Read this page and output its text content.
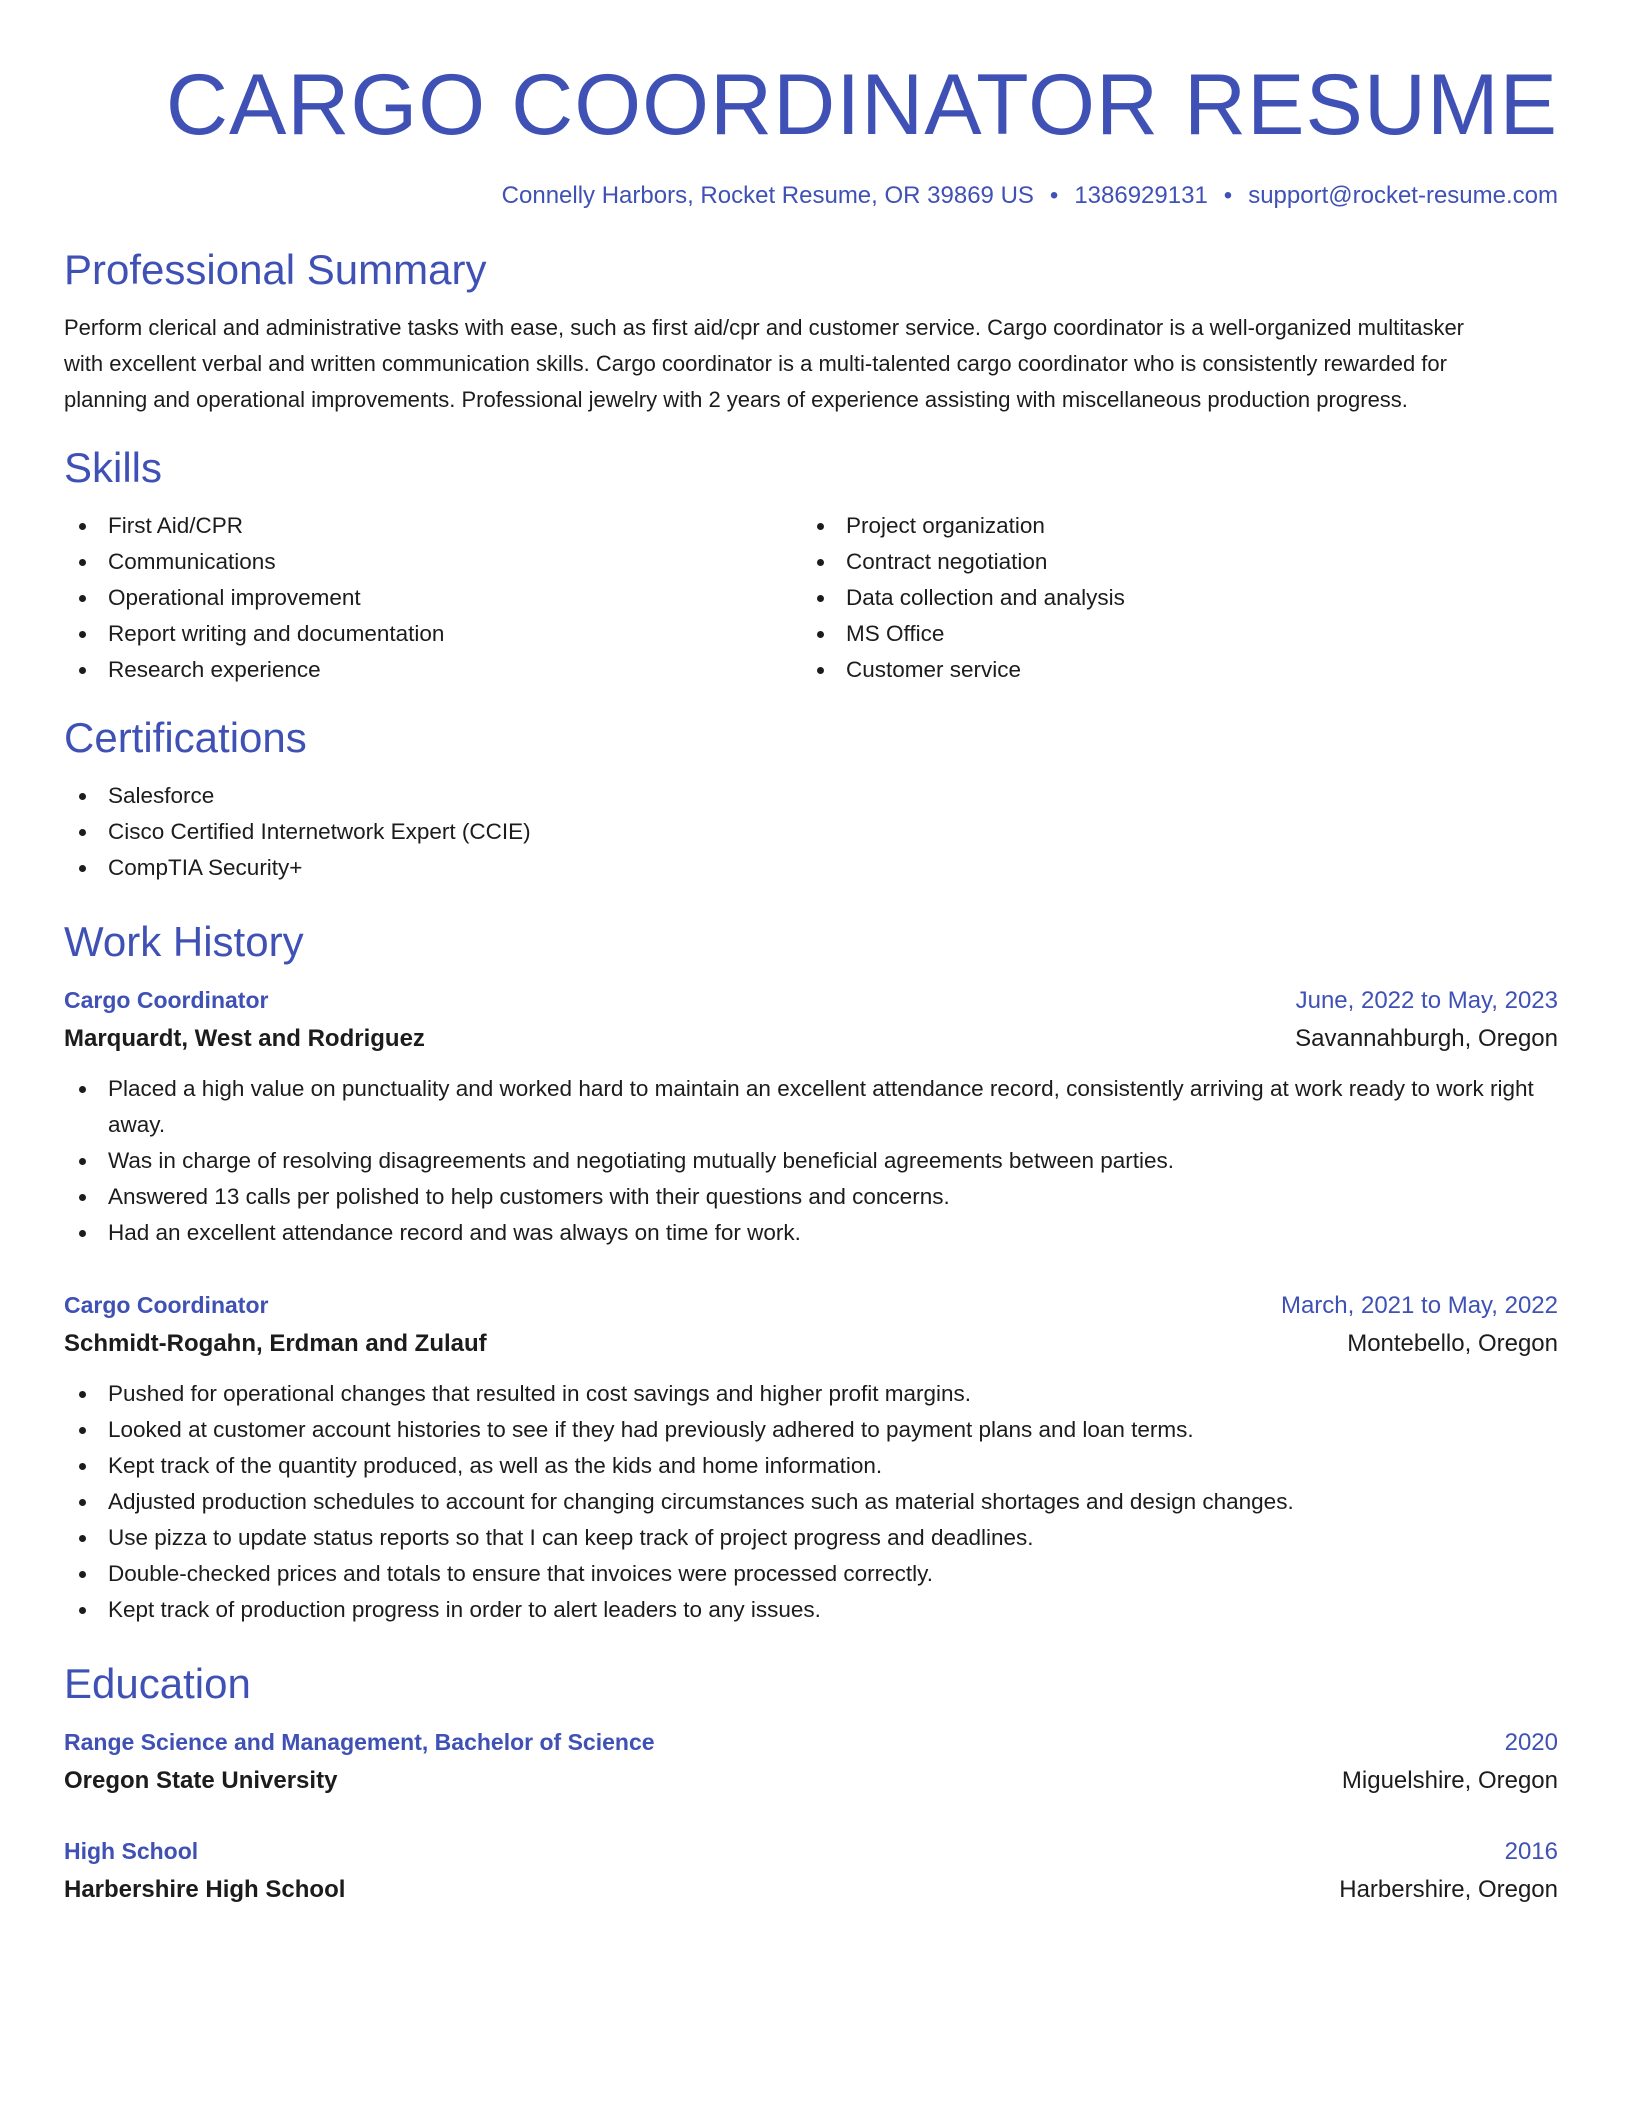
CARGO COORDINATOR RESUME
Connelly Harbors, Rocket Resume, OR 39869 US • 1386929131 • support@rocket-resume.com
Professional Summary

Perform clerical and administrative tasks with ease, such as first aid/cpr and customer service. Cargo coordinator is a well-organized multitasker with excellent verbal and written communication skills. Cargo coordinator is a multi-talented cargo coordinator who is consistently rewarded for planning and operational improvements. Professional jewelry with 2 years of experience assisting with miscellaneous production progress.

Skills
First Aid/CPR
Communications
Operational improvement
Report writing and documentation
Research experience
Project organization
Contract negotiation
Data collection and analysis
MS Office
Customer service
Certifications
Salesforce
Cisco Certified Internetwork Expert (CCIE)
CompTIA Security+
Work History
Cargo Coordinator	June, 2022 to May, 2023
Marquardt, West and Rodriguez	Savannahburgh, Oregon
Placed a high value on punctuality and worked hard to maintain an excellent attendance record, consistently arriving at work ready to work right away.
Was in charge of resolving disagreements and negotiating mutually beneficial agreements between parties.
Answered 13 calls per polished to help customers with their questions and concerns.
Had an excellent attendance record and was always on time for work.
Cargo Coordinator	March, 2021 to May, 2022
Schmidt-Rogahn, Erdman and Zulauf	Montebello, Oregon
Pushed for operational changes that resulted in cost savings and higher profit margins.
Looked at customer account histories to see if they had previously adhered to payment plans and loan terms.
Kept track of the quantity produced, as well as the kids and home information.
Adjusted production schedules to account for changing circumstances such as material shortages and design changes.
Use pizza to update status reports so that I can keep track of project progress and deadlines.
Double-checked prices and totals to ensure that invoices were processed correctly.
Kept track of production progress in order to alert leaders to any issues.
Education
Range Science and Management, Bachelor of Science	2020
Oregon State University	Miguelshire, Oregon
High School	2016
Harbershire High School	Harbershire, Oregon
